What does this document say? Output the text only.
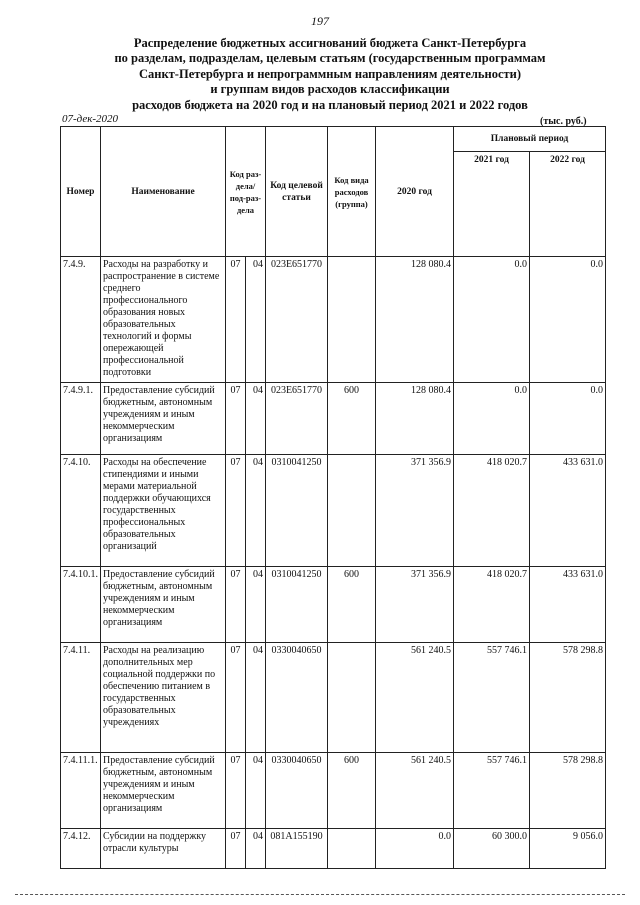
197
Распределение бюджетных ассигнований бюджета Санкт-Петербурга
по разделам, подразделам, целевым статьям (государственным программам
Санкт-Петербурга и непрограммным направлениям деятельности)
и группам видов расходов классификации
расходов бюджета на 2020 год и на плановый период 2021 и 2022 годов
07-дек-2020	(тыс. руб.)
Номер	Наименование	Код раз-дела/ под-раз-дела		Код целевой статьи	Код вида расходов (группа)	2020 год	Плановый период	
							2021 год	2022 год
7.4.9.	Расходы на разработку и распространение в системе среднего профессионального образования новых образовательных технологий и формы опережающей профессиональной подготовки	07	04	023Е651770		128 080.4	0.0	0.0
7.4.9.1.	Предоставление субсидий бюджетным, автономным учреждениям и иным некоммерческим организациям	07	04	023Е651770	600	128 080.4	0.0	0.0
7.4.10.	Расходы на обеспечение стипендиями и иными мерами материальной поддержки обучающихся государственных профессиональных образовательных организаций	07	04	0310041250		371 356.9	418 020.7	433 631.0
7.4.10.1.	Предоставление субсидий бюджетным, автономным учреждениям и иным некоммерческим организациям	07	04	0310041250	600	371 356.9	418 020.7	433 631.0
7.4.11.	Расходы на реализацию дополнительных мер социальной поддержки по обеспечению питанием в государственных образовательных учреждениях	07	04	0330040650		561 240.5	557 746.1	578 298.8
7.4.11.1.	Предоставление субсидий бюджетным, автономным учреждениям и иным некоммерческим организациям	07	04	0330040650	600	561 240.5	557 746.1	578 298.8
7.4.12.	Субсидии на поддержку отрасли культуры	07	04	081А155190		0.0	60 300.0	9 056.0
